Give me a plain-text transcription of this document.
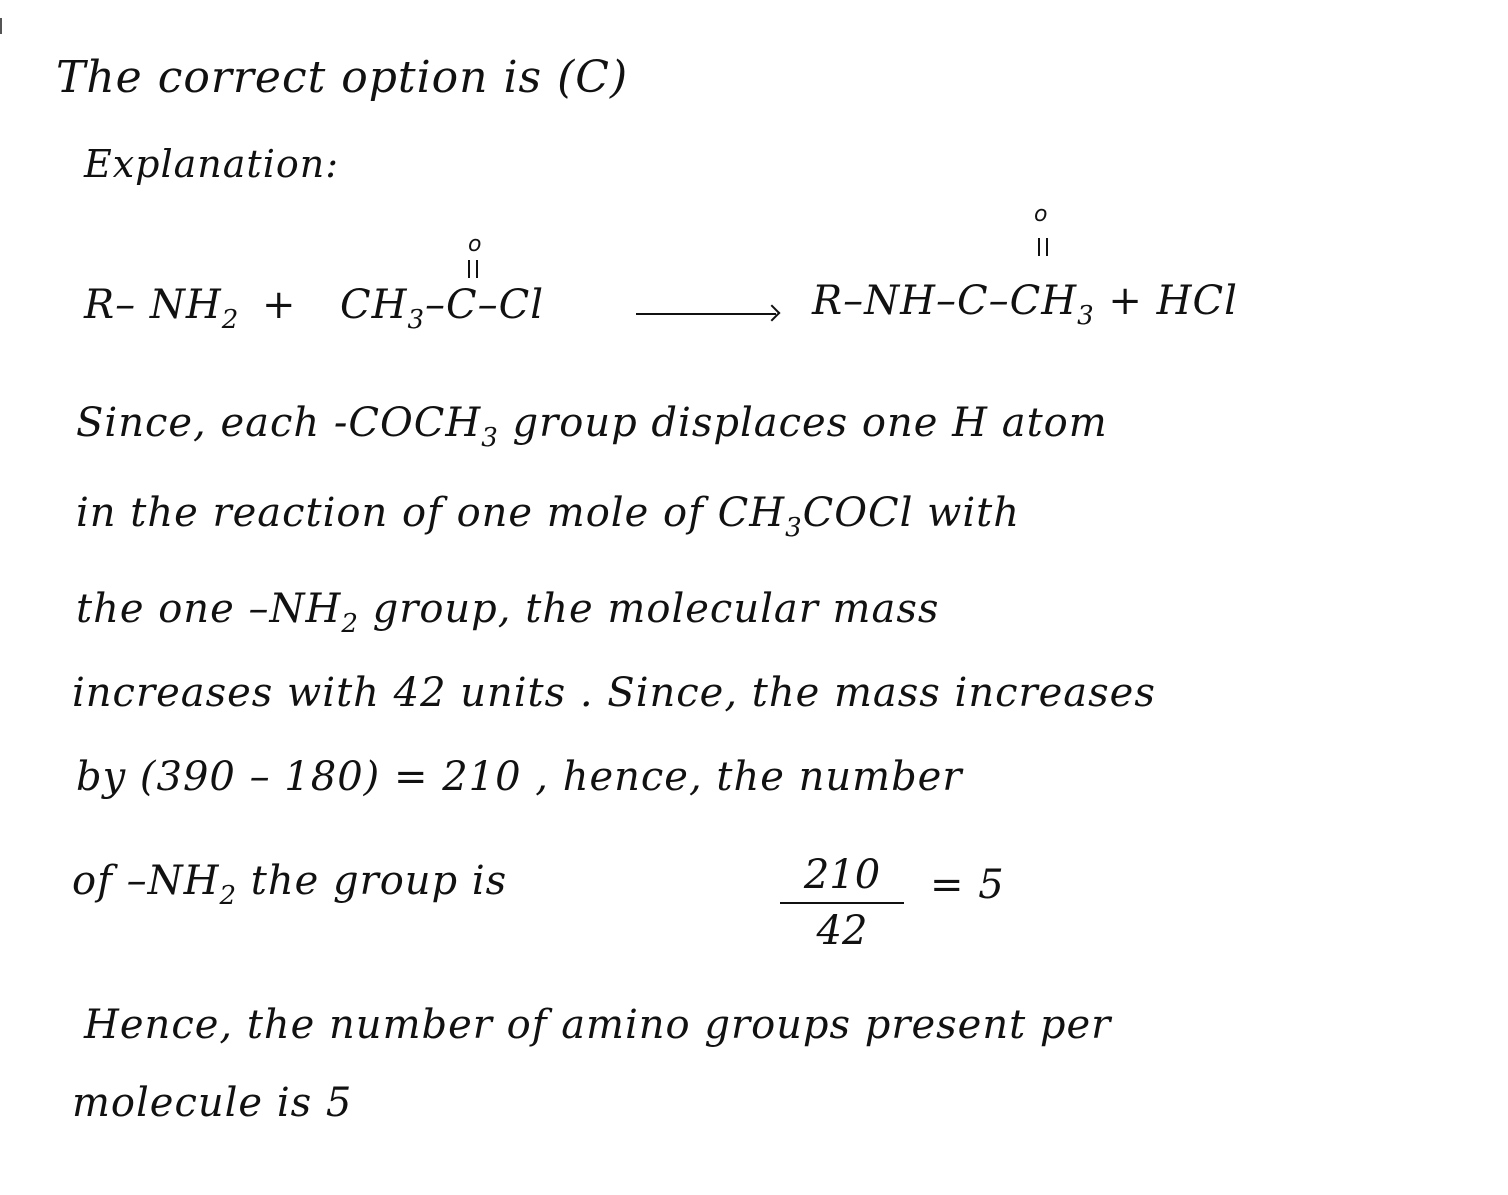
The correct option is (C)
Explanation:
R– $NH_2 + CH_3-C-Cl$
o
$R-NH-C-CH_3$ + HCl
o
Since, each $-COCH_3$ group displaces one H atom
in the reaction of one mole of $CH_3COCl$ with
the one $-NH_2$ group, the molecular mass
increases with 42 units . Since, the mass increases
by (390 – 180) = 210 , hence, the number
of $-NH_2$ the group is	210
42
= 5
Hence, the number of amino groups present per
molecule is 5
